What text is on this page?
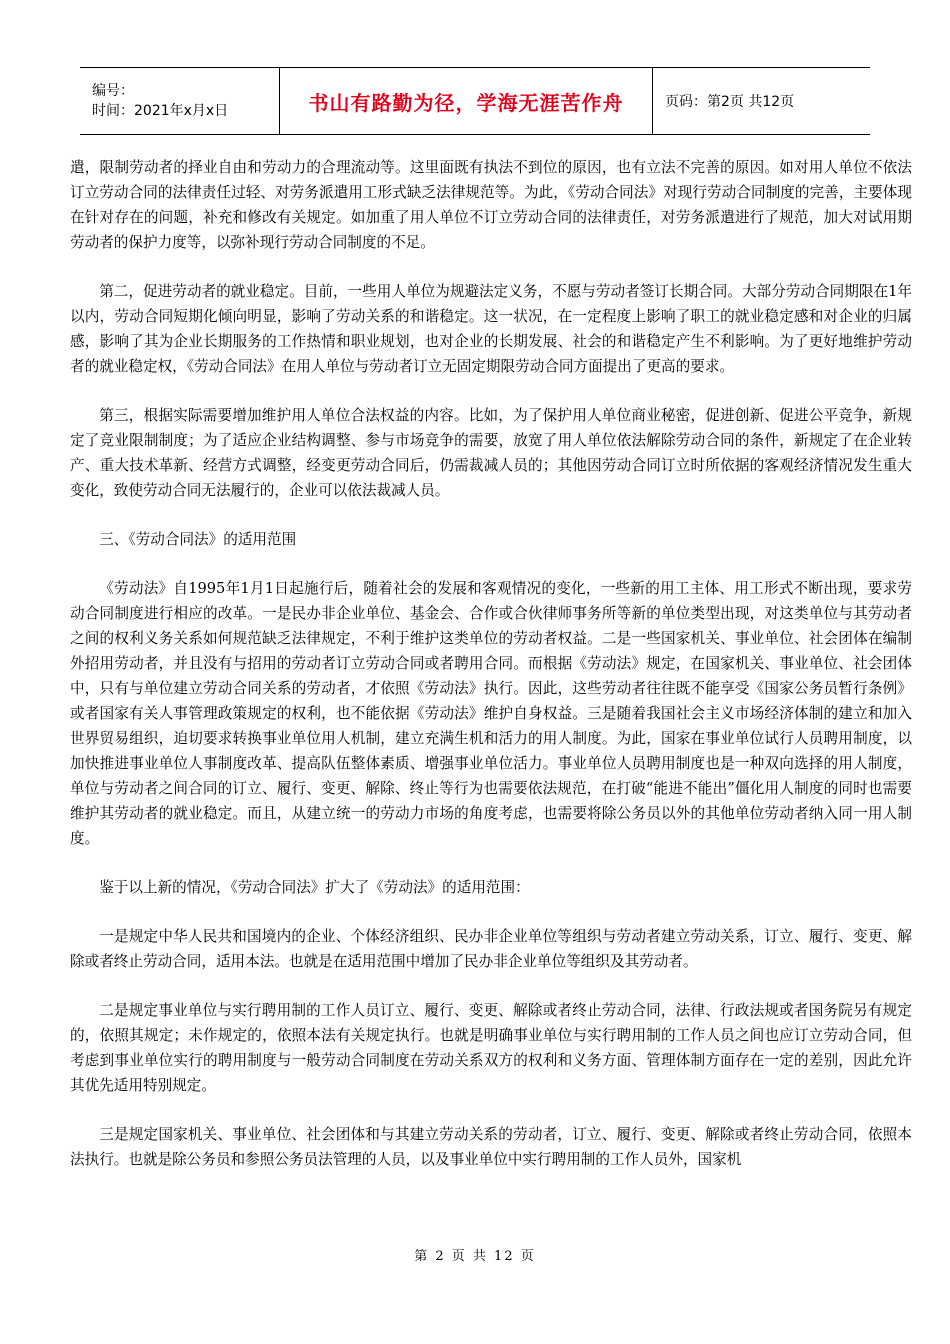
编号：
时间：2021年x月x日	书山有路勤为径，学海无涯苦作舟	页码：第2页 共12页

遣，限制劳动者的择业自由和劳动力的合理流动等。这里面既有执法不到位的原因，也有立法不完善的原因。如对用人单位不依法订立劳动合同的法律责任过轻、对劳务派遣用工形式缺乏法律规范等。为此，《劳动合同法》对现行劳动合同制度的完善，主要体现在针对存在的问题，补充和修改有关规定。如加重了用人单位不订立劳动合同的法律责任，对劳务派遣进行了规范，加大对试用期劳动者的保护力度等，以弥补现行劳动合同制度的不足。

第二，促进劳动者的就业稳定。目前，一些用人单位为规避法定义务，不愿与劳动者签订长期合同。大部分劳动合同期限在1年以内，劳动合同短期化倾向明显，影响了劳动关系的和谐稳定。这一状况，在一定程度上影响了职工的就业稳定感和对企业的归属感，影响了其为企业长期服务的工作热情和职业规划，也对企业的长期发展、社会的和谐稳定产生不利影响。为了更好地维护劳动者的就业稳定权，《劳动合同法》在用人单位与劳动者订立无固定期限劳动合同方面提出了更高的要求。

第三，根据实际需要增加维护用人单位合法权益的内容。比如，为了保护用人单位商业秘密，促进创新、促进公平竞争，新规定了竞业限制制度；为了适应企业结构调整、参与市场竞争的需要，放宽了用人单位依法解除劳动合同的条件，新规定了在企业转产、重大技术革新、经营方式调整，经变更劳动合同后，仍需裁减人员的；其他因劳动合同订立时所依据的客观经济情况发生重大变化，致使劳动合同无法履行的，企业可以依法裁减人员。

三、《劳动合同法》的适用范围

《劳动法》自1995年1月1日起施行后，随着社会的发展和客观情况的变化，一些新的用工主体、用工形式不断出现，要求劳动合同制度进行相应的改革。一是民办非企业单位、基金会、合作或合伙律师事务所等新的单位类型出现，对这类单位与其劳动者之间的权利义务关系如何规范缺乏法律规定，不利于维护这类单位的劳动者权益。二是一些国家机关、事业单位、社会团体在编制外招用劳动者，并且没有与招用的劳动者订立劳动合同或者聘用合同。而根据《劳动法》规定，在国家机关、事业单位、社会团体中，只有与单位建立劳动合同关系的劳动者，才依照《劳动法》执行。因此，这些劳动者往往既不能享受《国家公务员暂行条例》或者国家有关人事管理政策规定的权利，也不能依据《劳动法》维护自身权益。三是随着我国社会主义市场经济体制的建立和加入世界贸易组织，迫切要求转换事业单位用人机制，建立充满生机和活力的用人制度。为此，国家在事业单位试行人员聘用制度，以加快推进事业单位人事制度改革、提高队伍整体素质、增强事业单位活力。事业单位人员聘用制度也是一种双向选择的用人制度，单位与劳动者之间合同的订立、履行、变更、解除、终止等行为也需要依法规范，在打破“能进不能出”僵化用人制度的同时也需要维护其劳动者的就业稳定。而且，从建立统一的劳动力市场的角度考虑，也需要将除公务员以外的其他单位劳动者纳入同一用人制度。

鉴于以上新的情况，《劳动合同法》扩大了《劳动法》的适用范围：

一是规定中华人民共和国境内的企业、个体经济组织、民办非企业单位等组织与劳动者建立劳动关系，订立、履行、变更、解除或者终止劳动合同，适用本法。也就是在适用范围中增加了民办非企业单位等组织及其劳动者。

二是规定事业单位与实行聘用制的工作人员订立、履行、变更、解除或者终止劳动合同，法律、行政法规或者国务院另有规定的，依照其规定；未作规定的，依照本法有关规定执行。也就是明确事业单位与实行聘用制的工作人员之间也应订立劳动合同，但考虑到事业单位实行的聘用制度与一般劳动合同制度在劳动关系双方的权利和义务方面、管理体制方面存在一定的差别，因此允许其优先适用特别规定。

三是规定国家机关、事业单位、社会团体和与其建立劳动关系的劳动者，订立、履行、变更、解除或者终止劳动合同，依照本法执行。也就是除公务员和参照公务员法管理的人员，以及事业单位中实行聘用制的工作人员外，国家机

第 2 页 共 12 页
